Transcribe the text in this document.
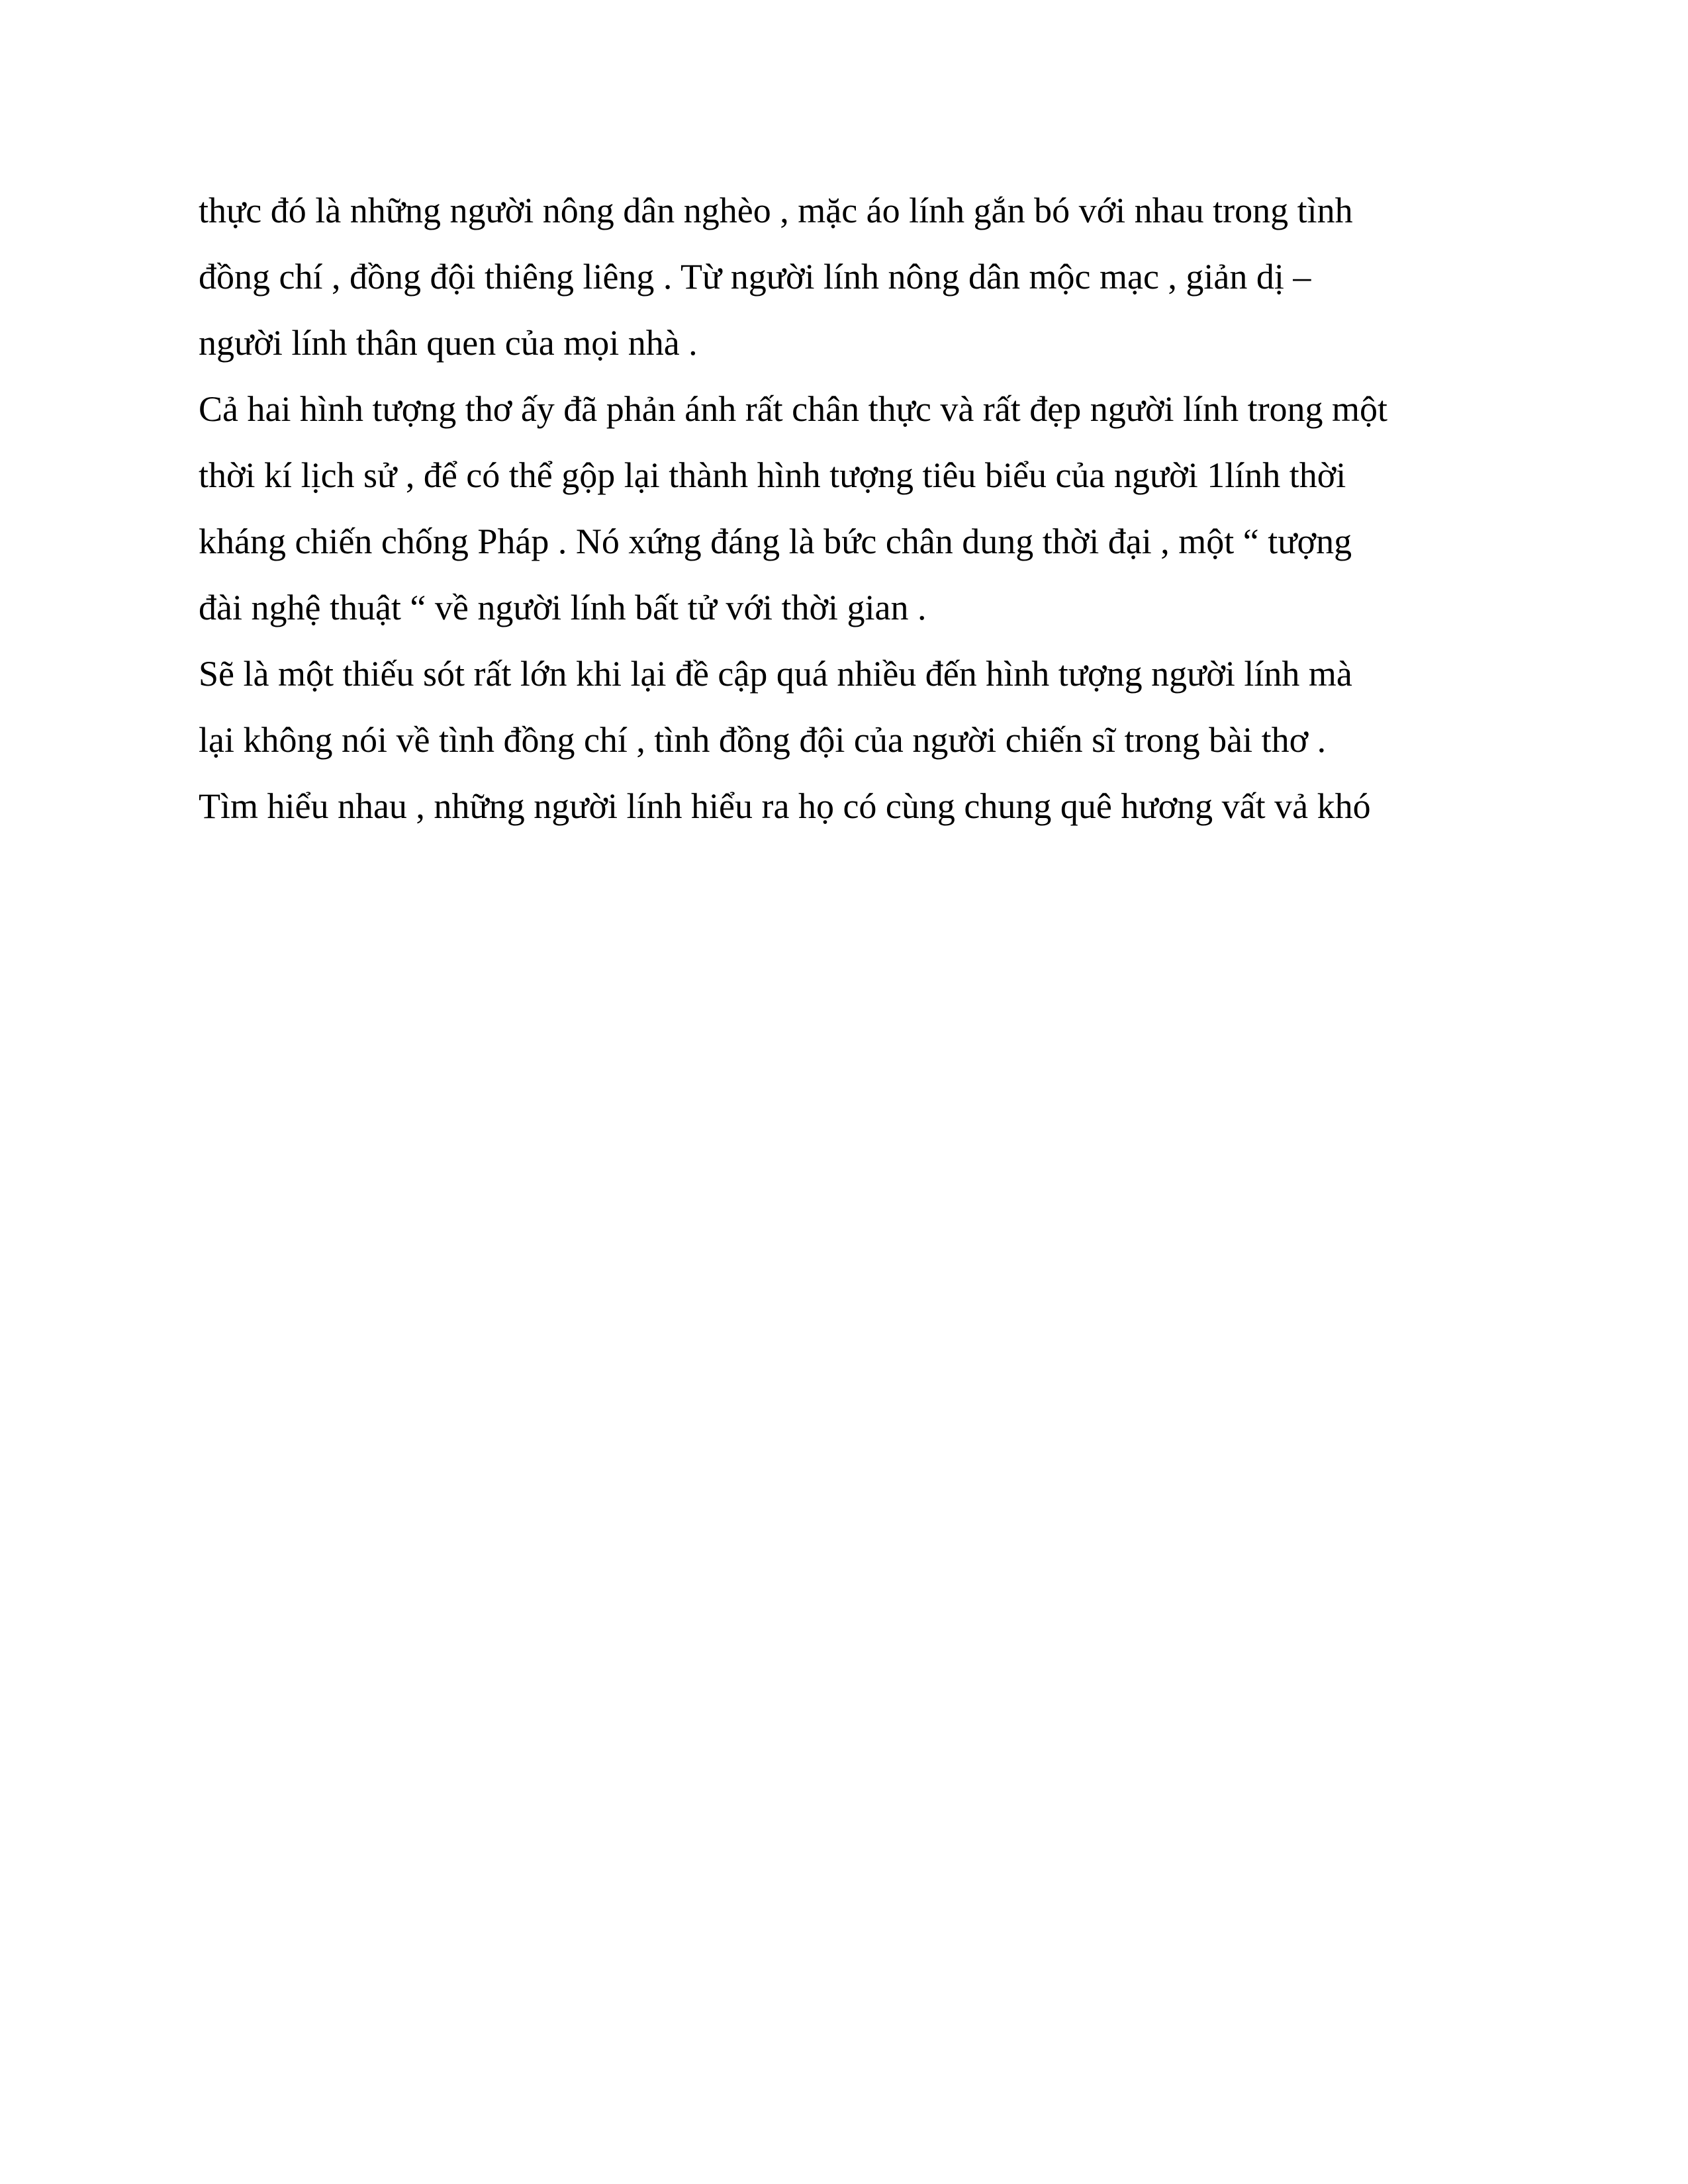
thực đó là những người nông dân nghèo , mặc áo lính gắn bó với nhau trong tình
đồng chí , đồng đội thiêng liêng . Từ người lính nông dân mộc mạc , giản dị –
người lính thân quen của mọi nhà .
Cả hai hình tượng thơ ấy đã phản ánh rất chân thực và rất đẹp người lính trong một
thời kí lịch sử , để có thể gộp lại thành hình tượng tiêu biểu của người 1lính thời
kháng chiến chống Pháp . Nó xứng đáng là bức chân dung thời đại , một “ tượng
đài nghệ thuật “ về người lính bất tử với thời gian .
Sẽ là một thiếu sót rất lớn khi lại đề cập quá nhiều đến hình tượng người lính mà
lại không nói về tình đồng chí , tình đồng đội của người chiến sĩ trong bài thơ .
Tìm hiểu nhau , những người lính hiểu ra họ có cùng chung quê hương vất vả khó
